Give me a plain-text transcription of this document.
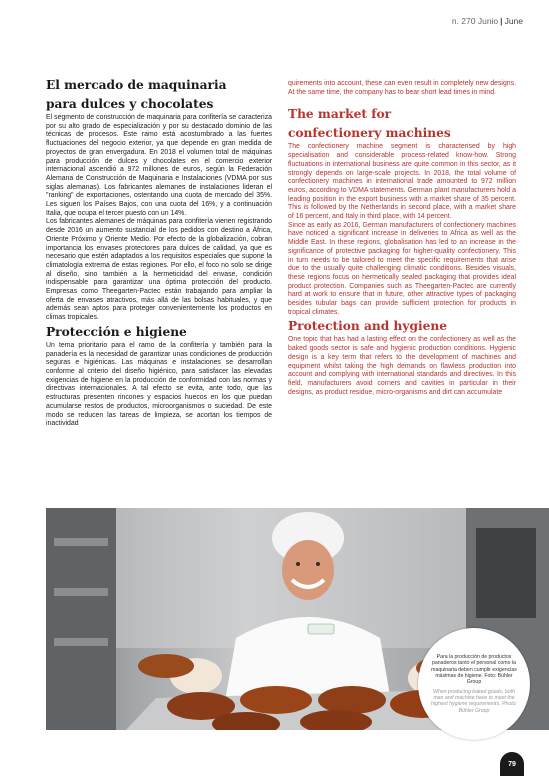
n. 270 Junio | June
El mercado de maquinaria
para dulces y chocolates

El segmento de construcción de maquinaria para confitería se caracteriza por su alto grado de especialización y por su destacado dominio de las técnicas de procesos. Este ramo está acostumbrado a las fuertes fluctuaciones del negocio exterior, ya que depende en gran medida de proyectos de gran envergadura. En 2018 el volumen total de máquinas para producción de dulces y chocolates en el comercio exterior internacional ascendió a 972 millones de euros, según la Federación Alemana de Construcción de Maquinaria e Instalaciones (VDMA por sus siglas alemanas). Los fabricantes alemanes de instalaciones lideran el "ranking" de exportaciones, ostentando una cuota de mercado del 35%. Les siguen los Países Bajos, con una cuota del 16%, y a continuación Italia, que ocupa el tercer puesto con un 14%.

Los fabricantes alemanes de máquinas para confitería vienen registrando desde 2016 un aumento sustancial de los pedidos con destino a África, Oriente Próximo y Oriente Medio. Por efecto de la globalización, cobran importancia los envases protectores para dulces de calidad, ya que es necesario que estén adaptados a los requisitos especiales que supone la climatología extrema de estas regiones. Por ello, el foco no solo se dirige al diseño, sino también a la hermeticidad del envase, condición indispensable para garantizar una óptima protección del producto. Empresas como Theegarten-Pactec están trabajando para ampliar la oferta de envases atractivos, más allá de las bolsas habituales, y que además sean aptos para proteger convenientemente los productos en climas tropicales.

Protección e higiene

Un tema prioritario para el ramo de la confitería y también para la panadería es la necesidad de garantizar unas condiciones de producción seguras e higiénicas. Las máquinas e instalaciones se desarrollan conforme al criterio del diseño higiénico, para satisfacer las elevadas exigencias de higiene en la producción de conformidad con las normas y directivas internacionales. A tal efecto se evita, ante todo, que las estructuras presenten rincones y espacios huecos en los que puedan acumularse restos de productos, microorganismos o suciedad. De este modo se reducen las tareas de limpieza, se acortan los tiempos de inactividad

quirements into account, these can even result in completely new designs. At the same time, the company has to bear short lead times in mind.

The market for
confectionery machines

The confectionery machine segment is characterised by high specialisation and considerable process-related know-how. Strong fluctuations in international business are quite common in this sector, as it strongly depends on large-scale projects. In 2018, the total volume of confectionery machines in international trade amounted to 972 million euros, according to VDMA statements. German plant manufacturers hold a leading position in the export business with a market share of 35 percent. This is followed by the Netherlands in second place, with a market share of 16 percent, and Italy in third place, with 14 percent.

Since as early as 2016, German manufacturers of confectionery machines have noticed a significant increase in deliveries to Africa as well as the Middle East. In these regions, globalisation has led to an increase in the significance of protective packaging for higher-quality confectionery. This in turn needs to be tailored to meet the specific requirements that arise due to the usually quite challenging climatic conditions. Besides visuals, these regions focus on hermetically sealed packaging that provides ideal product protection. Companies such as Theegarten-Pactec are currently hard at work to ensure that in future, other attractive types of packaging besides tubular bags can provide sufficient protection for products in tropical climates.

Protection and hygiene

One topic that has had a lasting effect on the confectionery as well as the baked goods sector is safe and hygienic production conditions. Hygienic design is a key term that refers to the development of machines and equipment whilst taking the high demands on flawless production into account and complying with international standards and directives. In this field, manufacturers avoid corners and cavities in particular in their designs, as product residue, micro-organisms and dirt can accumulate

Para la producción de productos panaderos tanto el personal como la maquinaria deben cumplir exigencias máximas de higiene. Foto: Bühler Group

When producing baked goods, both man and machine have to meet the highest hygiene requirements. Photo: Bühler Group

79
